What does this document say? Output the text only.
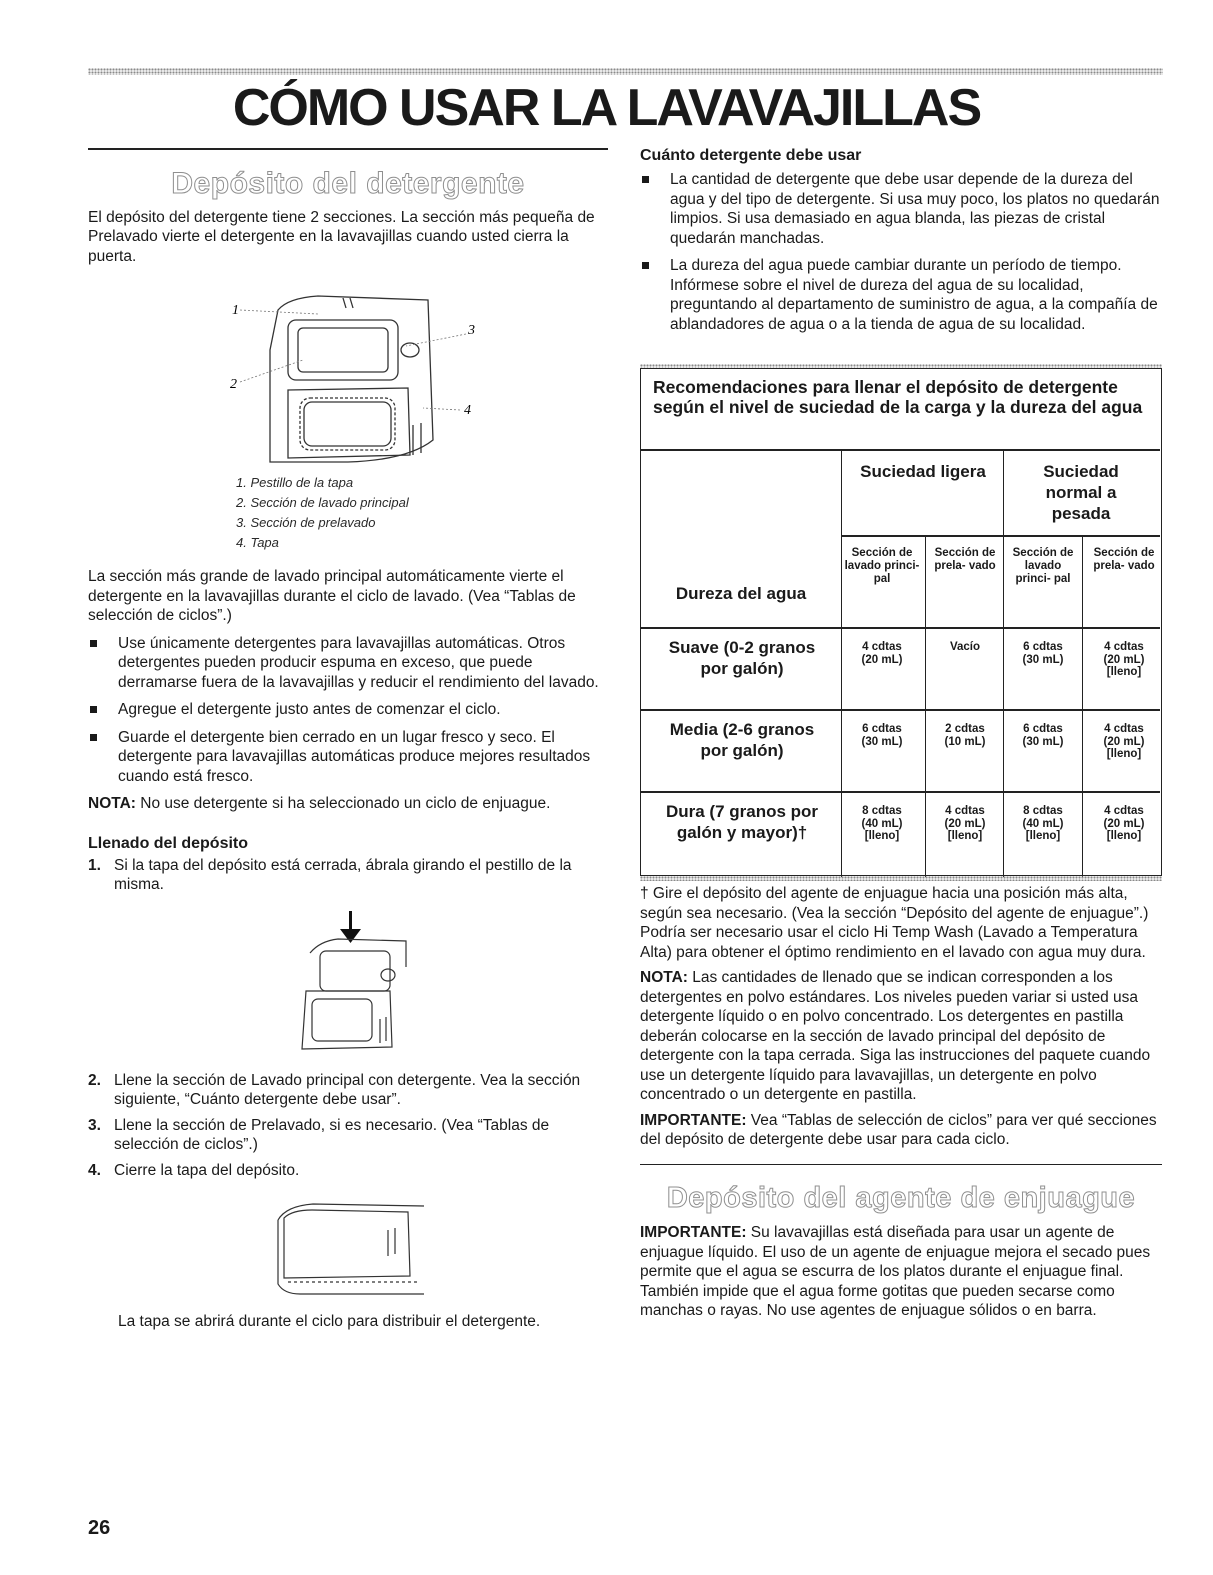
CÓMO USAR LA LAVAVAJILLAS
Depósito del detergente

El depósito del detergente tiene 2 secciones. La sección más pequeña de Prelavado vierte el detergente en la lavavajillas cuando usted cierra la puerta.

1
2
3
4

1. Pestillo de la tapa

2. Sección de lavado principal

3. Sección de prelavado

4. Tapa

La sección más grande de lavado principal automáticamente vierte el detergente en la lavavajillas durante el ciclo de lavado. (Vea “Tablas de selección de ciclos”.)

Use únicamente detergentes para lavavajillas automáticas. Otros detergentes pueden producir espuma en exceso, que puede derramarse fuera de la lavavajillas y reducir el rendimiento del lavado.

Agregue el detergente justo antes de comenzar el ciclo.

Guarde el detergente bien cerrado en un lugar fresco y seco. El detergente para lavavajillas automáticas produce mejores resultados cuando está fresco.

NOTA: No use detergente si ha seleccionado un ciclo de enjuague.

Llenado del depósito

1. Si la tapa del depósito está cerrada, ábrala girando el pestillo de la misma.

2. Llene la sección de Lavado principal con detergente. Vea la sección siguiente, “Cuánto detergente debe usar”.

3. Llene la sección de Prelavado, si es necesario. (Vea “Tablas de selección de ciclos”.)

4. Cierre la tapa del depósito.

La tapa se abrirá durante el ciclo para distribuir el detergente.

Cuánto detergente debe usar

La cantidad de detergente que debe usar depende de la dureza del agua y del tipo de detergente. Si usa muy poco, los platos no quedarán limpios. Si usa demasiado en agua blanda, las piezas de cristal quedarán manchadas.

La dureza del agua puede cambiar durante un período de tiempo. Infórmese sobre el nivel de dureza del agua de su localidad, preguntando al departamento de suministro de agua, a la compañía de ablandadores de agua o a la tienda de agua de su localidad.

Recomendaciones para llenar el depósito de detergente según el nivel de suciedad de la carga y la dureza del agua
Suciedad ligera	Suciedad normal a pesada
Dureza del agua
Sección de lavado princi- pal
Sección de prela- vado
Sección de lavado princi- pal
Sección de prela- vado
Suave (0-2 granos por galón)
4 cdtas
(20 mL)
Vacío	6 cdtas
(30 mL)
4 cdtas
(20 mL)
[lleno]
Media (2-6 granos por galón)
6 cdtas
(30 mL)
2 cdtas
(10 mL)
6 cdtas
(30 mL)
4 cdtas
(20 mL)
[lleno]
Dura (7 granos por galón y mayor)†
8 cdtas
(40 mL)
[lleno]
4 cdtas
(20 mL)
[lleno]
8 cdtas
(40 mL)
[lleno]
4 cdtas
(20 mL)
[lleno]

† Gire el depósito del agente de enjuague hacia una posición más alta, según sea necesario. (Vea la sección “Depósito del agente de enjuague”.) Podría ser necesario usar el ciclo Hi Temp Wash (Lavado a Temperatura Alta) para obtener el óptimo rendimiento en el lavado con agua muy dura.

NOTA: Las cantidades de llenado que se indican corresponden a los detergentes en polvo estándares. Los niveles pueden variar si usted usa detergente líquido o en polvo concentrado. Los detergentes en pastilla deberán colocarse en la sección de lavado principal del depósito de detergente con la tapa cerrada. Siga las instrucciones del paquete cuando use un detergente líquido para lavavajillas, un detergente en polvo concentrado o un detergente en pastilla.

IMPORTANTE: Vea “Tablas de selección de ciclos” para ver qué secciones del depósito de detergente debe usar para cada ciclo.

Depósito del agente de enjuague

IMPORTANTE: Su lavavajillas está diseñada para usar un agente de enjuague líquido. El uso de un agente de enjuague mejora el secado pues permite que el agua se escurra de los platos durante el enjuague final. También impide que el agua forme gotitas que pueden secarse como manchas o rayas. No use agentes de enjuague sólidos o en barra.

26
